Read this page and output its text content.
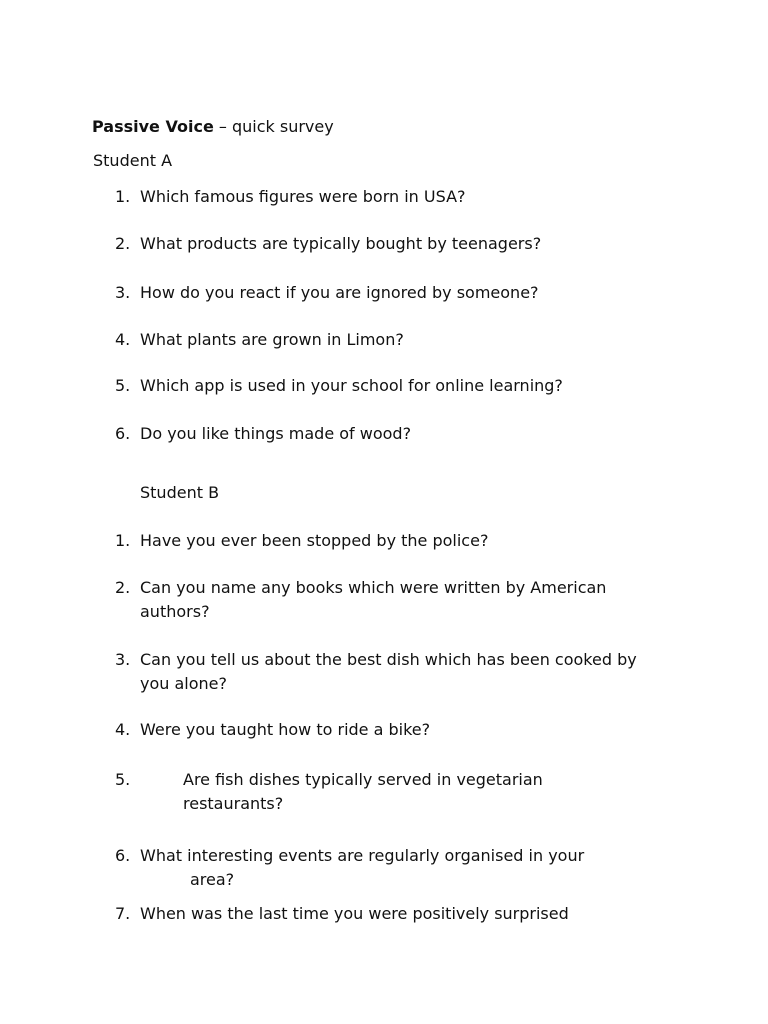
Passive Voice – quick survey
Student A
1. Which famous figures were born in USA?
2. What products are typically bought by teenagers?
3. How do you react if you are ignored by someone?
4. What plants are grown in Limon?
5. Which app is used in your school for online learning?
6. Do you like things made of wood?
Student B
1. Have you ever been stopped by the police?
2. Can you name any books which were written by American
authors?
3. Can you tell us about the best dish which has been cooked by
you alone?
4. Were you taught how to ride a bike?
5.	Are fish dishes typically served in vegetarian
restaurants?
6. What interesting events are regularly organised in your
area?
7. When was the last time you were positively surprised
